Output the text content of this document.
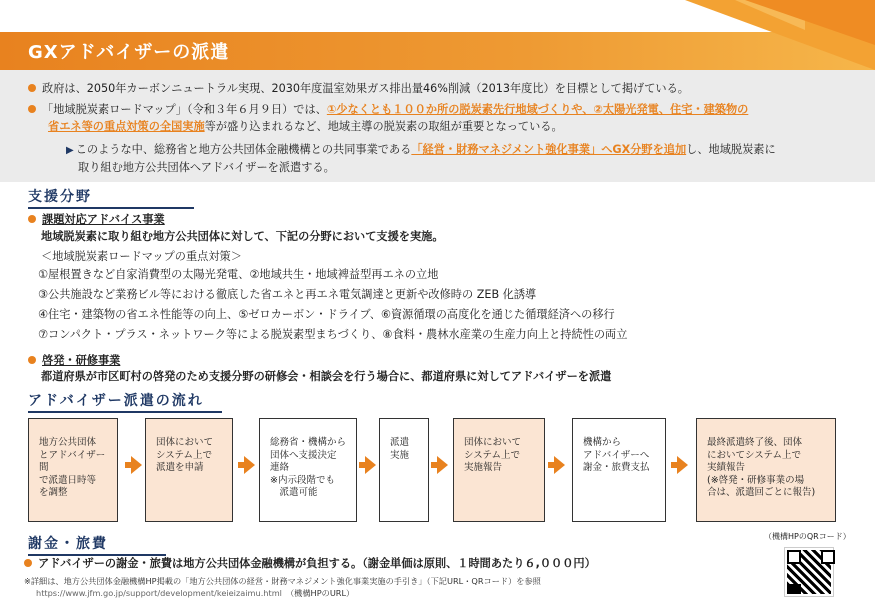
GXアドバイザーの派遣
政府は、2050年カーボンニュートラル実現、2030年度温室効果ガス排出量46%削減（2013年度比）を目標として掲げている。
「地域脱炭素ロードマップ」（令和３年６月９日）では、①少なくとも１００か所の脱炭素先行地域づくりや、②太陽光発電、住宅・建築物の
省エネ等の重点対策の全国実施等が盛り込まれるなど、地域主導の脱炭素の取組が重要となっている。
▶ このような中、総務省と地方公共団体金融機構との共同事業である「経営・財務マネジメント強化事業」へGX分野を追加し、地域脱炭素に
取り組む地方公共団体へアドバイザーを派遣する。
支援分野
課題対応アドバイス事業
地域脱炭素に取り組む地方公共団体に対して、下記の分野において支援を実施。
＜地域脱炭素ロードマップの重点対策＞
①屋根置きなど自家消費型の太陽光発電、②地域共生・地域裨益型再エネの立地
③公共施設など業務ビル等における徹底した省エネと再エネ電気調達と更新や改修時の ZEB 化誘導
④住宅・建築物の省エネ性能等の向上、⑤ゼロカーボン・ドライブ、⑥資源循環の高度化を通じた循環経済への移行
⑦コンパクト・プラス・ネットワーク等による脱炭素型まちづくり、⑧食料・農林水産業の生産力向上と持続性の両立
啓発・研修事業
都道府県が市区町村の啓発のため支援分野の研修会・相談会を行う場合に、都道府県に対してアドバイザーを派遣
アドバイザー派遣の流れ
地方公共団体
とアドバイザー間
で派遣日時等
を調整
団体において
システム上で
派遣を申請
総務省・機構から
団体へ支援決定
連絡
※内示段階でも
　派遣可能
派遣
実施
団体において
システム上で
実施報告
機構から
アドバイザーへ
謝金・旅費支払
最終派遣終了後、団体
においてシステム上で
実績報告
(※啓発・研修事業の場
合は、派遣回ごとに報告)
謝金・旅費
アドバイザーの謝金・旅費は地方公共団体金融機構が負担する。（謝金単価は原則、１時間あたり６,０００円）
※詳細は、地方公共団体金融機構HP掲載の「地方公共団体の経営・財務マネジメント強化事業実施の手引き」（下記URL・QRコード）を参照
https://www.jfm.go.jp/support/development/keieizaimu.html （機構HPのURL）
（機構HPのQRコード）
